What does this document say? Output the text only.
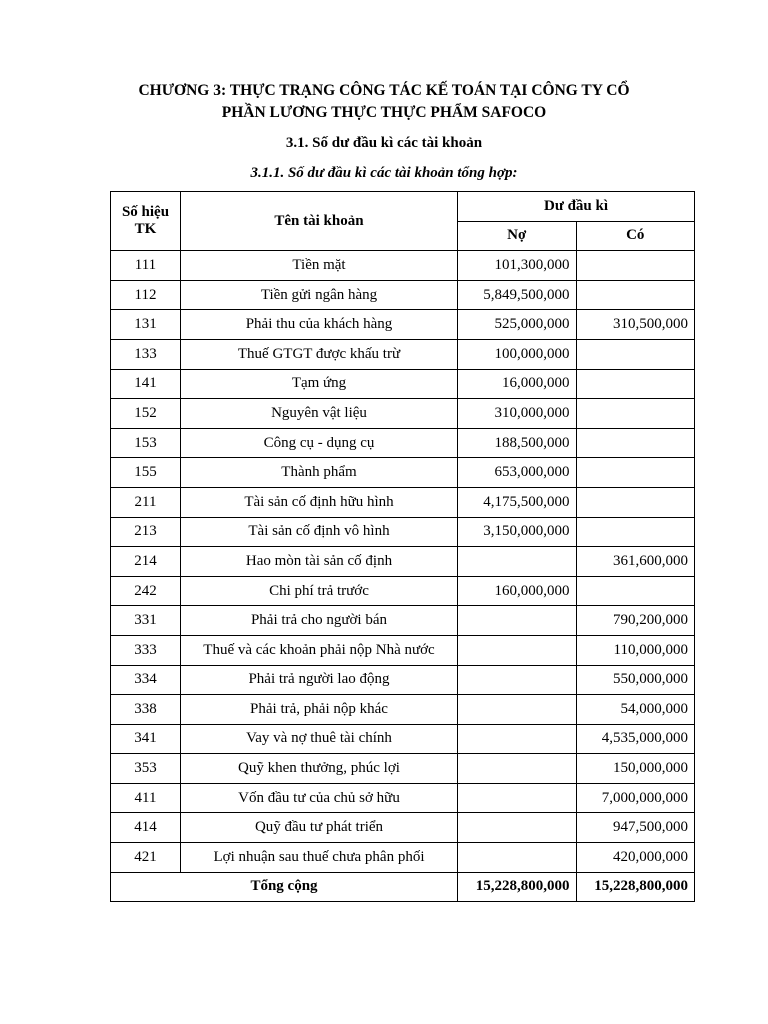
CHƯƠNG 3: THỰC TRẠNG CÔNG TÁC KẾ TOÁN TẠI CÔNG TY CỔ
PHẦN LƯƠNG THỰC THỰC PHẨM SAFOCO
3.1. Số dư đầu kì các tài khoản
3.1.1. Số dư đầu kì các tài khoản tổng hợp:
Số hiệu TK	Tên tài khoản	Dư đầu kì	
		Nợ	Có
111	Tiền mặt	101,300,000	
112	Tiền gửi ngân hàng	5,849,500,000	
131	Phải thu của khách hàng	525,000,000	310,500,000
133	Thuế GTGT được khấu trừ	100,000,000	
141	Tạm ứng	16,000,000	
152	Nguyên vật liệu	310,000,000	
153	Công cụ - dụng cụ	188,500,000	
155	Thành phẩm	653,000,000	
211	Tài sản cố định hữu hình	4,175,500,000	
213	Tài sản cố định vô hình	3,150,000,000	
214	Hao mòn tài sản cố định		361,600,000
242	Chi phí trả trước	160,000,000	
331	Phải trả cho người bán		790,200,000
333	Thuế và các khoản phải nộp Nhà nước		110,000,000
334	Phải trả người lao động		550,000,000
338	Phải trả, phải nộp khác		54,000,000
341	Vay và nợ thuê tài chính		4,535,000,000
353	Quỹ khen thưởng, phúc lợi		150,000,000
411	Vốn đầu tư của chủ sở hữu		7,000,000,000
414	Quỹ đầu tư phát triển		947,500,000
421	Lợi nhuận sau thuế chưa phân phối		420,000,000
Tổng cộng		15,228,800,000	15,228,800,000
